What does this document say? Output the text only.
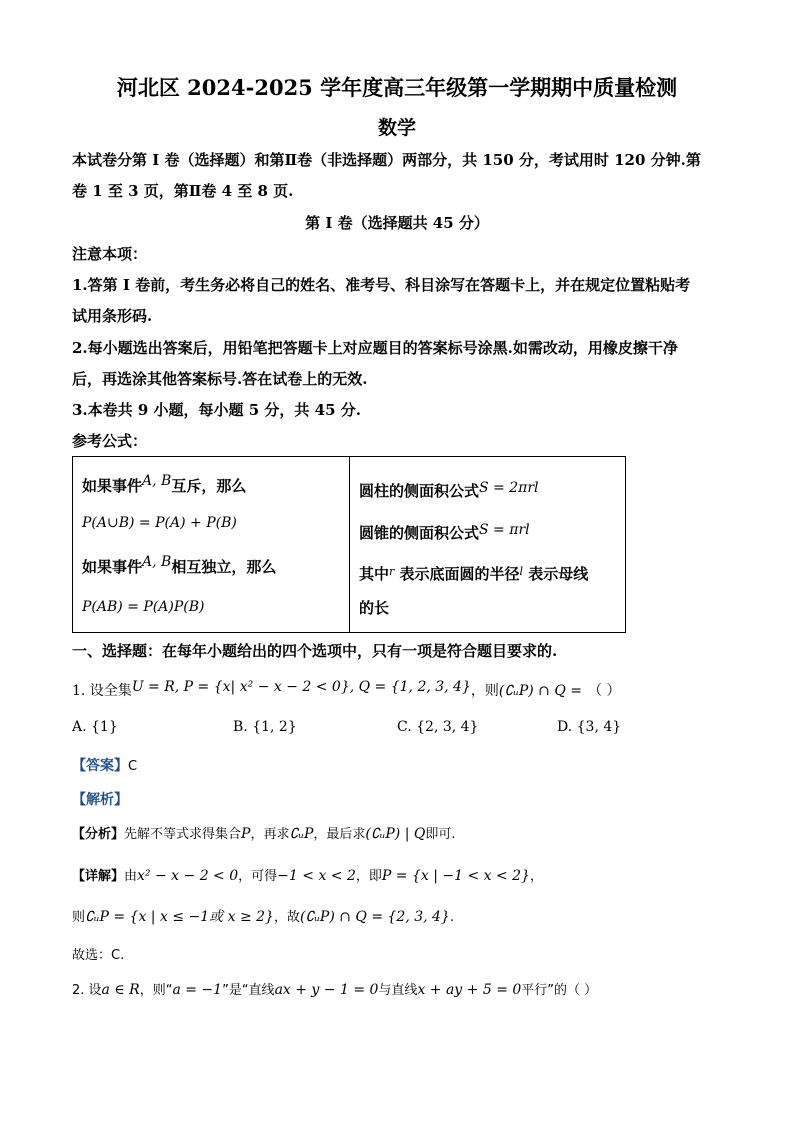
河北区 2024-2025 学年度高三年级第一学期期中质量检测
数学
本试卷分第 I 卷（选择题）和第Ⅱ卷（非选择题）两部分，共 150 分，考试用时 120 分钟.第
卷 1 至 3 页，第Ⅱ卷 4 至 8 页.
第 I 卷（选择题共 45 分）
注意本项：
1.答第 I 卷前，考生务必将自己的姓名、准考号、科目涂写在答题卡上，并在规定位置粘贴考
试用条形码.
2.每小题选出答案后，用铅笔把答题卡上对应题目的答案标号涂黑.如需改动，用橡皮擦干净
后，再选涂其他答案标号.答在试卷上的无效.
3.本卷共 9 小题，每小题 5 分，共 45 分.
参考公式：
如果事件A, B互斥，那么
P(A∪B) = P(A) + P(B)
如果事件A, B相互独立，那么
P(AB) = P(A)P(B)

圆柱的侧面积公式S = 2πrl
圆锥的侧面积公式S = πrl
其中$^r$ 表示底面圆的半径$^l$ 表示母线
的长
一、选择题：在每年小题给出的四个选项中，只有一项是符合题目要求的.
1. 设全集U = R, P = {x| x² − x − 2 < 0}, Q = {1, 2, 3, 4}，则(∁ᵤP) ∩ Q = （ ）
A. {1}	B. {1, 2}	C. {2, 3, 4}	D. {3, 4}
【答案】C
【解析】
【分析】先解不等式求得集合P，再求∁ᵤP，最后求(∁ᵤP) | Q即可.
【详解】由x² − x − 2 < 0，可得−1 < x < 2，即P = {x | −1 < x < 2}，
则∁ᵤP = {x | x ≤ −1或 x ≥ 2}，故(∁ᵤP) ∩ Q = {2, 3, 4}.
故选：C.
2. 设a ∈ R，则“a = −1”是“直线ax + y − 1 = 0与直线x + ay + 5 = 0平行”的（ ）
